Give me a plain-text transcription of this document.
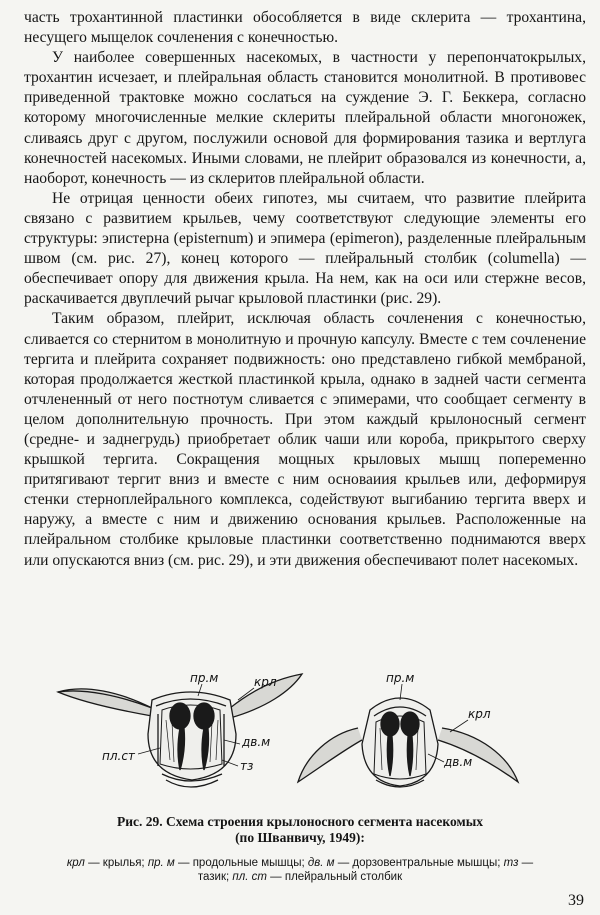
часть трохантинной пластинки обособляется в виде склерита — трохантина, несущего мыщелок сочленения с конечностью.

У наиболее совершенных насекомых, в частности у перепончатокрылых, трохантин исчезает, и плейральная область становится монолитной. В противовес приведенной трактовке можно сослаться на суждение Э. Г. Беккера, согласно которому многочисленные мелкие склериты плейральной области многоножек, сливаясь друг с другом, послужили основой для формирования тазика и вертлуга конечностей насекомых. Иными словами, не плейрит образовался из конечности, а, наоборот, конечность — из склеритов плейральной области.

Не отрицая ценности обеих гипотез, мы считаем, что развитие плейрита связано с развитием крыльев, чему соответствуют следующие элементы его структуры: эпистерна (episternum) и эпимера (epimeron), разделенные плейральным швом (см. рис. 27), конец которого — плейральный столбик (columella) — обеспечивает опору для движения крыла. На нем, как на оси или стержне весов, раскачивается двуплечий рычаг крыловой пластинки (рис. 29).

Таким образом, плейрит, исключая область сочленения с конечностью, сливается со стернитом в монолитную и прочную капсулу. Вместе с тем сочленение тергита и плейрита сохраняет подвижность: оно представлено гибкой мембраной, которая продолжается жесткой пластинкой крыла, однако в задней части сегмента отчлененный от него постнотум сливается с эпимерами, что сообщает сегменту в целом дополнительную прочность. При этом каждый крылоносный сегмент (средне- и заднегрудь) приобретает облик чаши или короба, прикрытого сверху крышкой тергита. Сокращения мощных крыловых мышц попеременно притягивают тергит вниз и вместе с ним основаиия крыльев или, деформируя стенки стерноплейрального комплекса, содействуют выгибанию тергита вверх и наружу, а вместе с ним и движению основания крыльев. Расположенные на плейральном столбике крыловые пластинки соответственно поднимаются вверх или опускаются вниз (см. рис. 29), и эти движения обеспечивают полет насекомых.

пр.м	крл
дв.м
пл.ст
тз
пр.м
крл
дв.м
Рис. 29. Схема строения крылоносного сегмента насекомых
(по Шванвичу, 1949):
крл — крылья; пр. м — продольные мышцы; дв. м — дорзовентральные мышцы; тз — тазик; пл. ст — плейральный столбик
39
